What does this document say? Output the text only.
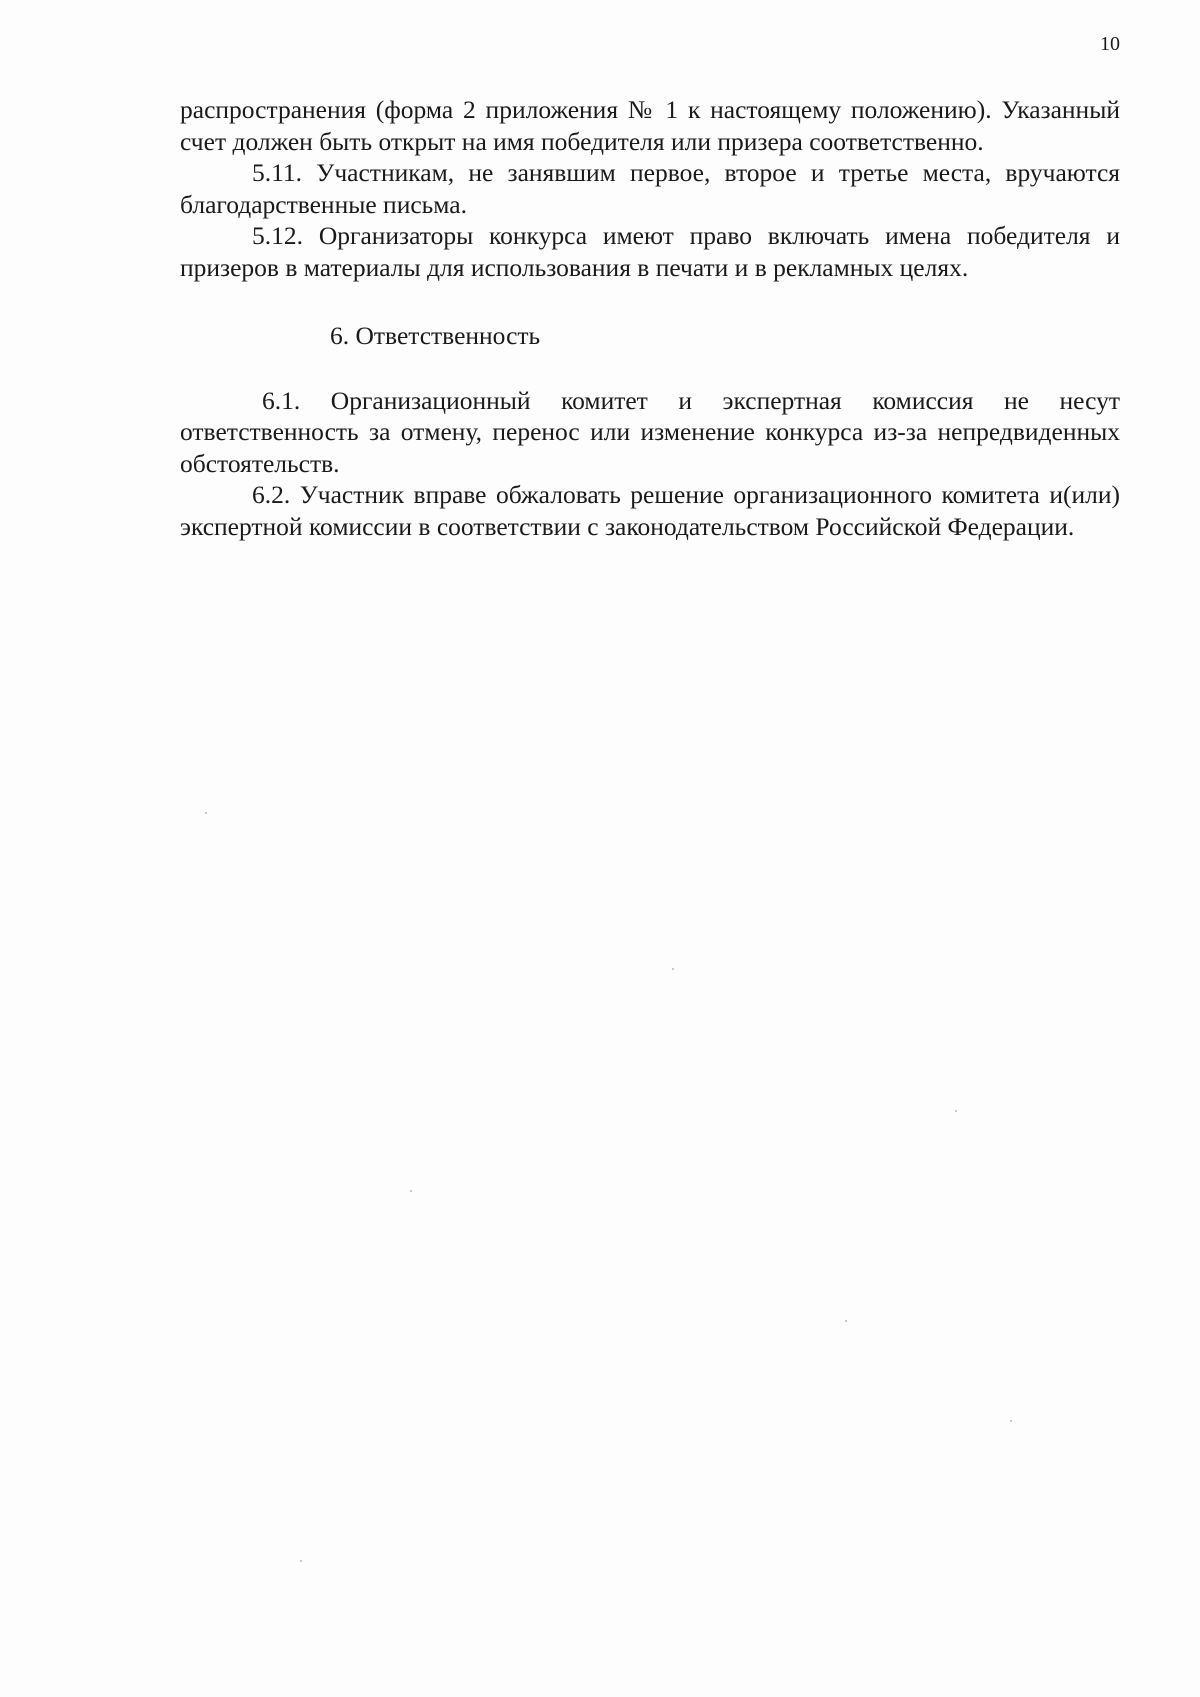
10

распространения (форма 2 приложения № 1 к настоящему положению). Указанный счет должен быть открыт на имя победителя или призера соответственно.

5.11. Участникам, не занявшим первое, второе и третье места, вручаются благодарственные письма.

5.12. Организаторы конкурса имеют право включать имена победителя и призеров в материалы для использования в печати и в рекламных целях.

6. Ответственность

6.1. Организационный комитет и экспертная комиссия не несут ответственность за отмену, перенос или изменение конкурса из-за непредвиденных обстоятельств.

6.2. Участник вправе обжаловать решение организационного комитета и(или) экспертной комиссии в соответствии с законодательством Российской Федерации.
